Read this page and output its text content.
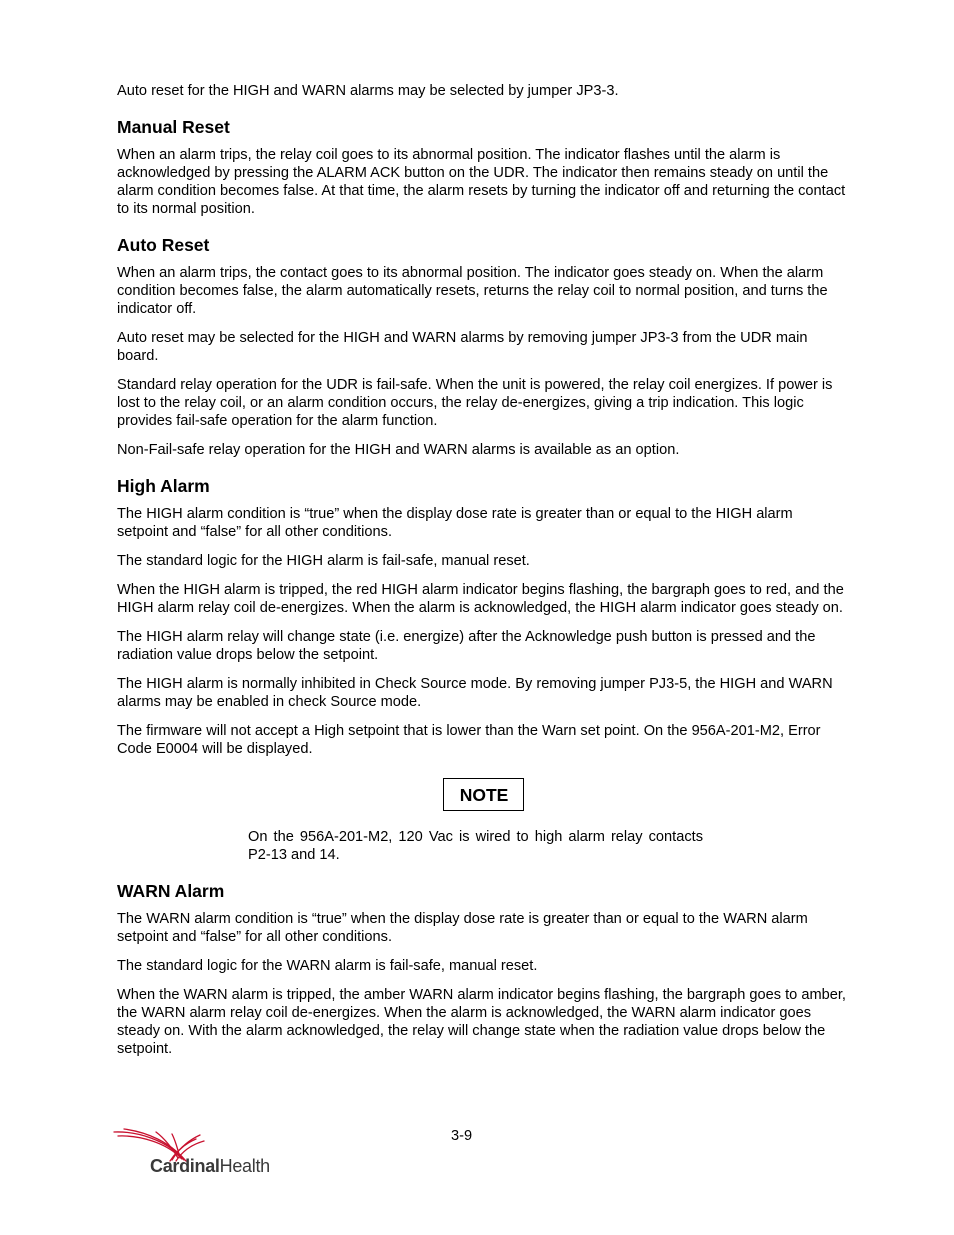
Auto reset for the HIGH and WARN alarms may be selected by jumper JP3-3.

Manual Reset

When an alarm trips, the relay coil goes to its abnormal position. The indicator flashes until the alarm is acknowledged by pressing the ALARM ACK button on the UDR. The indicator then remains steady on until the alarm condition becomes false. At that time, the alarm resets by turning the indicator off and returning the contact to its normal position.

Auto Reset

When an alarm trips, the contact goes to its abnormal position. The indicator goes steady on. When the alarm condition becomes false, the alarm automatically resets, returns the relay coil to normal position, and turns the indicator off.

Auto reset may be selected for the HIGH and WARN alarms by removing jumper JP3-3 from the UDR main board.

Standard relay operation for the UDR is fail-safe. When the unit is powered, the relay coil energizes. If power is lost to the relay coil, or an alarm condition occurs, the relay de-energizes, giving a trip indication. This logic provides fail-safe operation for the alarm function.

Non-Fail-safe relay operation for the HIGH and WARN alarms is available as an option.

High Alarm

The HIGH alarm condition is “true” when the display dose rate is greater than or equal to the HIGH alarm setpoint and “false” for all other conditions.

The standard logic for the HIGH alarm is fail-safe, manual reset.

When the HIGH alarm is tripped, the red HIGH alarm indicator begins flashing, the bargraph goes to red, and the HIGH alarm relay coil de-energizes. When the alarm is acknowledged, the HIGH alarm indicator goes steady on.

The HIGH alarm relay will change state (i.e. energize) after the Acknowledge push button is pressed and the radiation value drops below the setpoint.

The HIGH alarm is normally inhibited in Check Source mode. By removing jumper PJ3-5, the HIGH and WARN alarms may be enabled in check Source mode.

The firmware will not accept a High setpoint that is lower than the Warn set point. On the 956A-201-M2, Error Code E0004 will be displayed.

NOTE

On the 956A-201-M2, 120 Vac is wired to high alarm relay contacts P2-13 and 14.

WARN Alarm

The WARN alarm condition is “true” when the display dose rate is greater than or equal to the WARN alarm setpoint and “false” for all other conditions.

The standard logic for the WARN alarm is fail-safe, manual reset.

When the WARN alarm is tripped, the amber WARN alarm indicator begins flashing, the bargraph goes to amber, the WARN alarm relay coil de-energizes. When the alarm is acknowledged, the WARN alarm indicator goes steady on. With the alarm acknowledged, the relay will change state when the radiation value drops below the setpoint.

3-9
CardinalHealth
